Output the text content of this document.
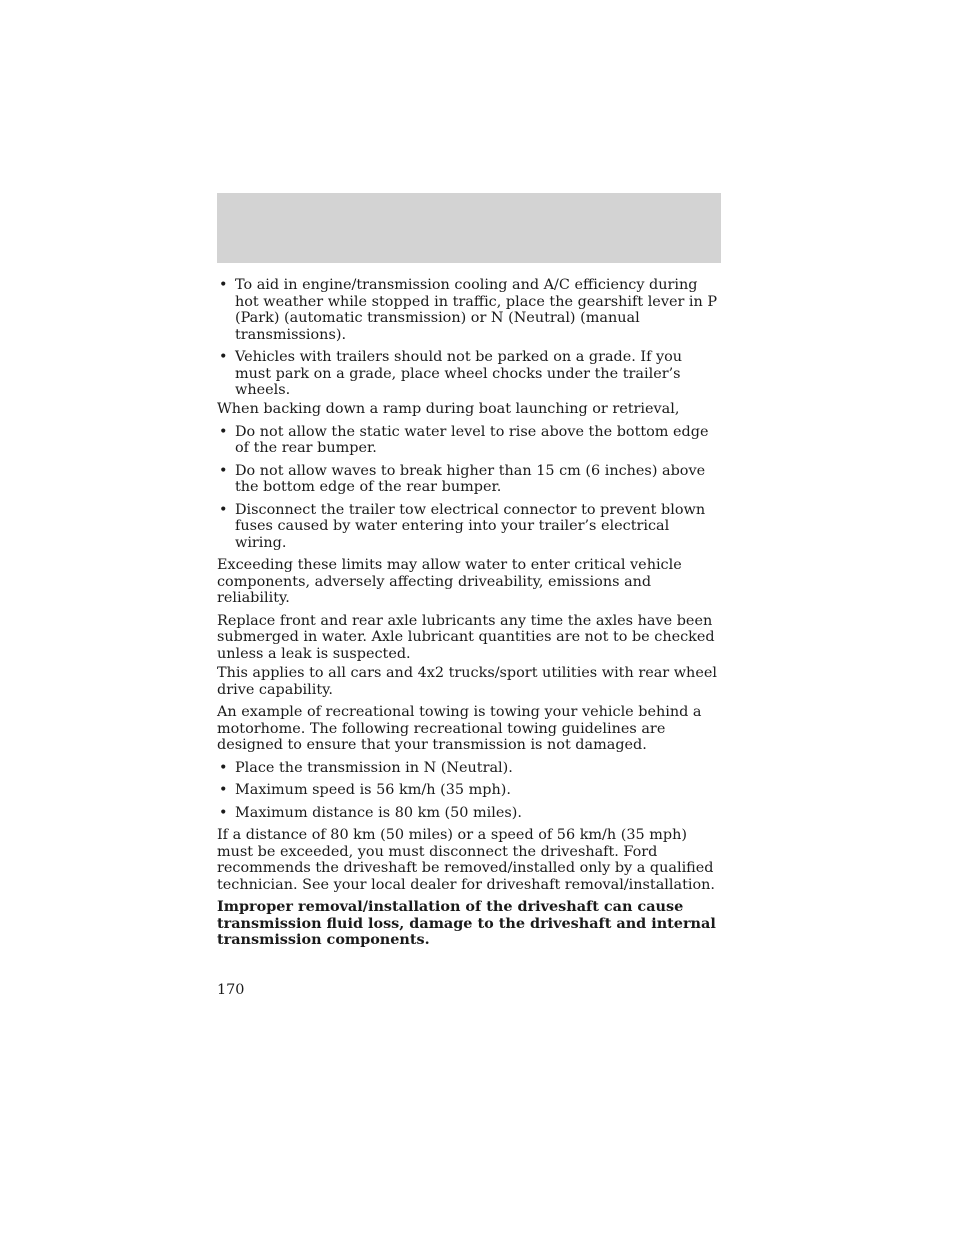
• To aid in engine/transmission cooling and A/C efficiency during hot weather while stopped in traffic, place the gearshift lever in P (Park) (automatic transmission) or N (Neutral) (manual transmissions).
• Vehicles with trailers should not be parked on a grade. If you must park on a grade, place wheel chocks under the trailer’s wheels.

When backing down a ramp during boat launching or retrieval,

• Do not allow the static water level to rise above the bottom edge of the rear bumper.
• Do not allow waves to break higher than 15 cm (6 inches) above the bottom edge of the rear bumper.
• Disconnect the trailer tow electrical connector to prevent blown fuses caused by water entering into your trailer’s electrical wiring.

Exceeding these limits may allow water to enter critical vehicle components, adversely affecting driveability, emissions and reliability.

Replace front and rear axle lubricants any time the axles have been submerged in water. Axle lubricant quantities are not to be checked unless a leak is suspected.

This applies to all cars and 4x2 trucks/sport utilities with rear wheel drive capability.

An example of recreational towing is towing your vehicle behind a motorhome. The following recreational towing guidelines are designed to ensure that your transmission is not damaged.

• Place the transmission in N (Neutral).
• Maximum speed is 56 km/h (35 mph).
• Maximum distance is 80 km (50 miles).

If a distance of 80 km (50 miles) or a speed of 56 km/h (35 mph) must be exceeded, you must disconnect the driveshaft. Ford recommends the driveshaft be removed/installed only by a qualified technician. See your local dealer for driveshaft removal/installation.

Improper removal/installation of the driveshaft can cause transmission fluid loss, damage to the driveshaft and internal transmission components.

170
